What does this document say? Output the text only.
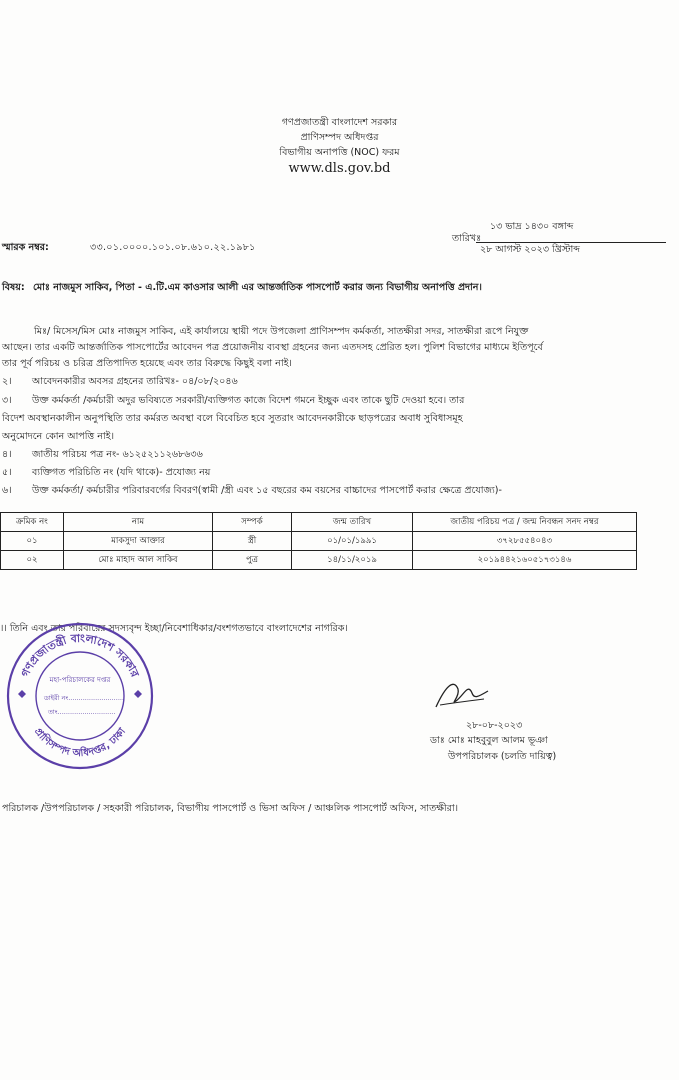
গণপ্রজাতন্ত্রী বাংলাদেশ সরকার
প্রাণিসম্পদ অধিদপ্তর
বিভাগীয় অনাপত্তি (NOC) ফরম
www.dls.gov.bd
১৩ ভাদ্র ১৪৩০ বঙ্গাব্দ
তারিখঃ
২৮ আগস্ট ২০২৩ খ্রিস্টাব্দ
স্মারক নম্বর:	৩৩.০১.০০০০.১০১.০৮.৬১০.২২.১৯৮১
বিষয়: মোঃ নাজমুস সাকিব, পিতা - এ.টি.এম কাওসার আলী এর আন্তর্জাতিক পাসপোর্ট করার জন্য বিভাগীয় অনাপত্তি প্রদান।
মিঃ/ মিসেস/মিস মোঃ নাজমুস সাকিব, এই কার্যালয়ে স্থায়ী পদে উপজেলা প্রাণিসম্পদ কর্মকর্তা, সাতক্ষীরা সদর, সাতক্ষীরা রূপে নিযুক্ত
আছেন। তার একটি আন্তর্জাতিক পাসপোর্টের আবেদন পত্র প্রয়োজনীয় ব্যবস্থা গ্রহনের জন্য এতদসহ প্রেরিত হল। পুলিশ বিভাগের মাধ্যমে ইতিপূর্বে
তার পূর্ব পরিচয় ও চরিত্র প্রতিপাদিত হয়েছে এবং তার বিরুদ্ধে কিছুই বলা নাই।
২। আবেদনকারীর অবসর গ্রহনের তারিখঃ- ০৪/০৮/২০৪৬
৩। উক্ত কর্মকর্তা /কর্মচারী অদুর ভবিষ্যতে সরকারী/ব্যক্তিগত কাজে বিদেশ গমনে ইচ্ছুক এবং তাকে ছুটি দেওয়া হবে। তার
বিদেশ অবস্থানকালীন অনুপস্থিতি তার কর্মরত অবস্থা বলে বিবেচিত হবে সুতরাং আবেদনকারীকে ছাড়পত্রের অবাধ সুবিধাসমূহ
অনুমোদনে কোন আপত্তি নাই।
৪। জাতীয় পরিচয় পত্র নং- ৬১২৫২১১২৬৮৬৩৬
৫। ব্যক্তিগত পরিচিতি নং (যদি থাকে)- প্রযোজ্য নয়
৬। উক্ত কর্মকর্তা/ কর্মচারীর পরিবারবর্গের বিবরণ(স্বামী /স্ত্রী এবং ১৫ বছরের কম বয়সের বাচ্চাদের পাসপোর্ট করার ক্ষেত্রে প্রযোজ্য)-
ক্রমিক নং	নাম	সম্পর্ক	জন্ম তারিখ	জাতীয় পরিচয় পত্র / জন্ম নিবন্ধন সনদ নম্বর
০১	মাকসুদা আক্তার	স্ত্রী	০১/০১/১৯৯১	৩৭২৮৫৫৪০৪৩
০২	মোঃ মাহাদ আল সাকিব	পুত্র	১৪/১১/২০১৯	২০১৯৪৪২১৬০৫১৭৩১৪৬
।। তিনি এবং তার পরিবারের সদস্যবৃন্দ ইচ্ছা/নিবেশাধিকার/বংশগতভাবে বাংলাদেশের নাগরিক।
গণপ্রজাতন্ত্রী বাংলাদেশ সরকার
প্রাণিসম্পদ অধিদপ্তর, ঢাকা
মহা-পরিচালকের দপ্তর
ডাইরী নং...........................
তাং............................
২৮-০৮-২০২৩
ডাঃ মোঃ মাহবুবুল আলম ভূঞা
উপপরিচালক (চলতি দায়িত্ব)
পরিচালক /উপপরিচালক / সহকারী পরিচালক, বিভাগীয় পাসপোর্ট ও ভিসা অফিস / আঞ্চলিক পাসপোর্ট অফিস, সাতক্ষীরা।
